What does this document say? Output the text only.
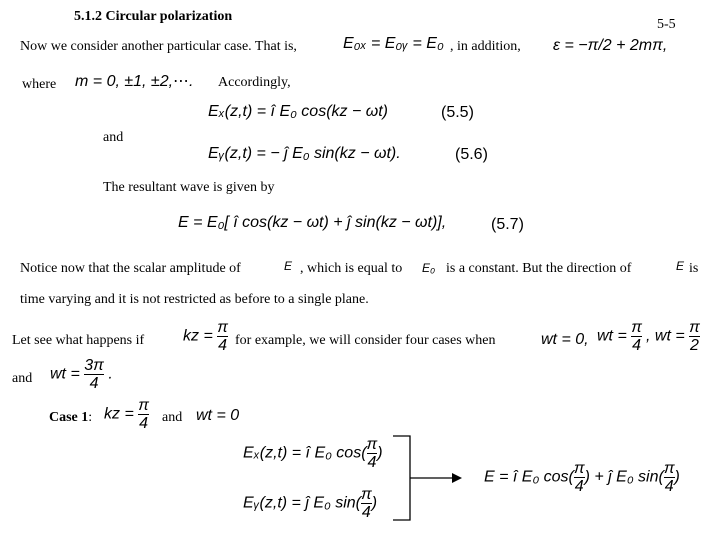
5.1.2 Circular polarization
5-5
Now we consider another particular case. That is,	E₀ₓ = E₀ᵧ = E₀ , in addition, ε = −π/2 + 2mπ,
where m = 0, ±1, ±2,⋯. Accordingly,
Eₓ(z,t) = î E₀ cos(kz − ωt)	(5.5)
and
Eᵧ(z,t) = − ĵ E₀ sin(kz − ωt).	(5.6)
The resultant wave is given by
E = E₀[ î cos(kz − ωt) + ĵ sin(kz − ωt)],	(5.7)
Notice now that the scalar amplitude of	E , which is equal to E₀ is a constant. But the direction of	E is
time varying and it is not restricted as before to a single plane.
Let see what happens if kz = $\frac{\pi}{4}$ for example, we will consider four cases when	wt = 0, wt = $\frac{\pi}{4}$ , wt = $\frac{\pi}{2}$
and wt = $\frac{3\pi}{4}$ .
Case 1: kz = $\frac{\pi}{4}$ and wt = 0
Eₓ(z,t) = î E₀ $\cos( \frac{\pi}{4}$ )
Eᵧ(z,t) = ĵ E₀ $\sin( \frac{\pi}{4}$ )
E = î E₀ $\cos( \frac{\pi}{4}$ ) + ĵ E₀ $\sin( \frac{\pi}{4}$ )
